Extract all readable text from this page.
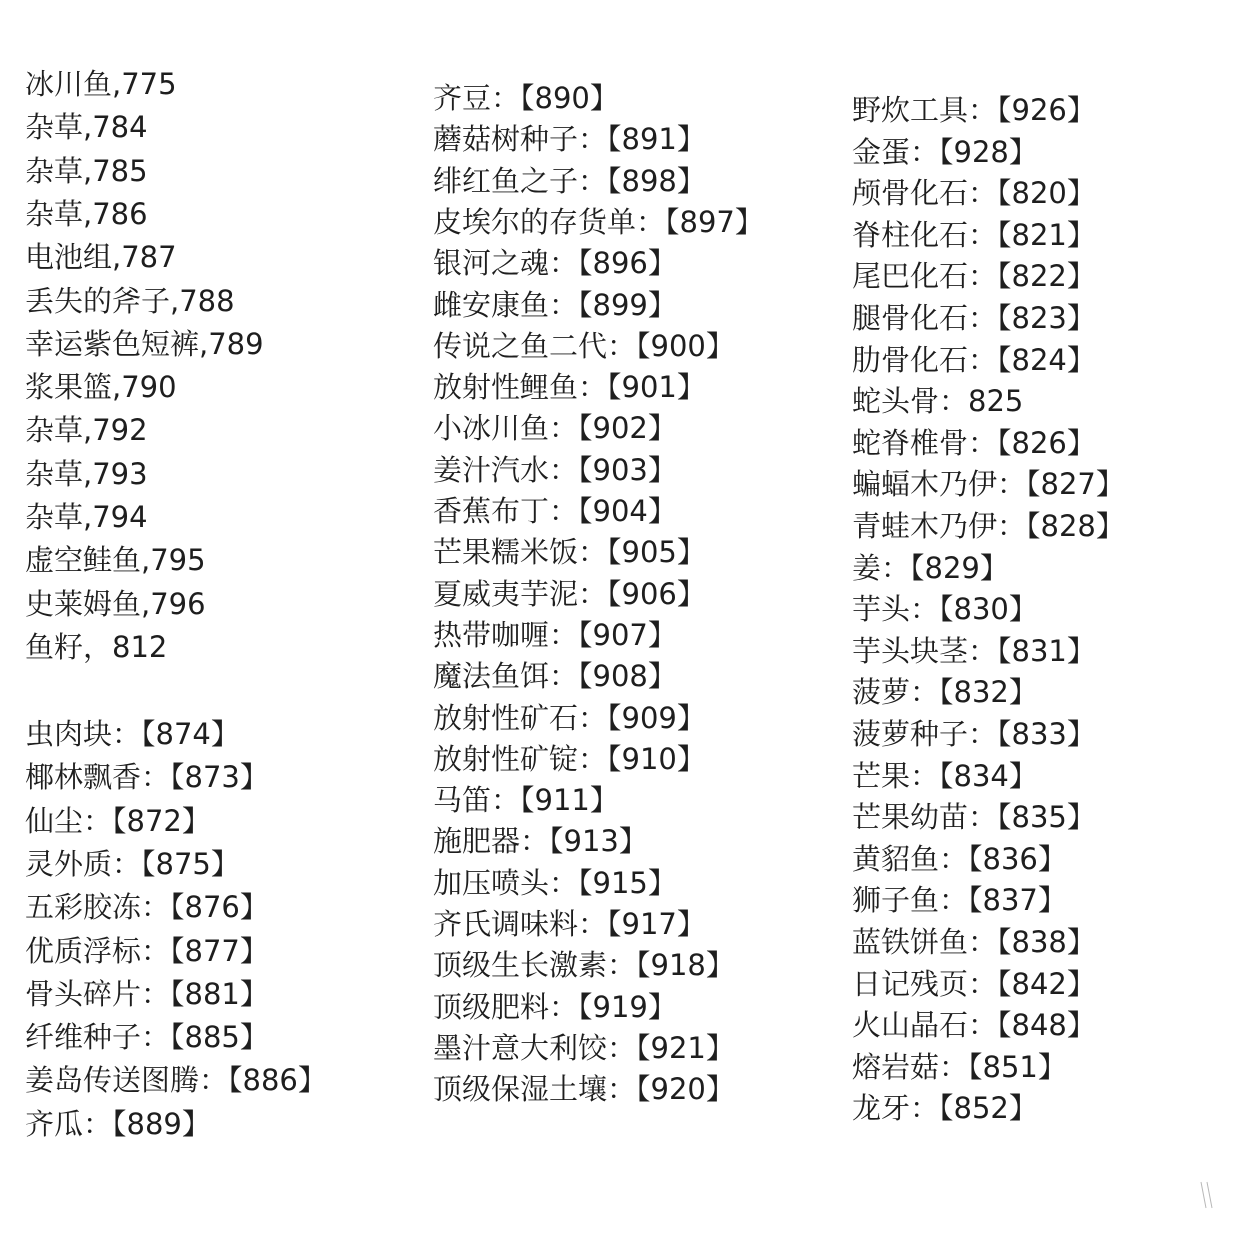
冰川鱼,775
杂草,784
杂草,785
杂草,786
电池组,787
丢失的斧子,788
幸运紫色短裤,789
浆果篮,790
杂草,792
杂草,793
杂草,794
虚空鲑鱼,795
史莱姆鱼,796
鱼籽，812
虫肉块：【874】
椰林飘香：【873】
仙尘：【872】
灵外质：【875】
五彩胶冻：【876】
优质浮标：【877】
骨头碎片：【881】
纤维种子：【885】
姜岛传送图腾：【886】
齐瓜：【889】
齐豆：【890】
蘑菇树种子：【891】
绯红鱼之子：【898】
皮埃尔的存货单：【897】
银河之魂：【896】
雌安康鱼：【899】
传说之鱼二代：【900】
放射性鲤鱼：【901】
小冰川鱼：【902】
姜汁汽水：【903】
香蕉布丁：【904】
芒果糯米饭：【905】
夏威夷芋泥：【906】
热带咖喱：【907】
魔法鱼饵：【908】
放射性矿石：【909】
放射性矿锭：【910】
马笛：【911】
施肥器：【913】
加压喷头：【915】
齐氏调味料：【917】
顶级生长激素：【918】
顶级肥料：【919】
墨汁意大利饺：【921】
顶级保湿土壤：【920】
野炊工具：【926】
金蛋：【928】
颅骨化石：【820】
脊柱化石：【821】
尾巴化石：【822】
腿骨化石：【823】
肋骨化石：【824】
蛇头骨：825
蛇脊椎骨：【826】
蝙蝠木乃伊：【827】
青蛙木乃伊：【828】
姜：【829】
芋头：【830】
芋头块茎：【831】
菠萝：【832】
菠萝种子：【833】
芒果：【834】
芒果幼苗：【835】
黄貂鱼：【836】
狮子鱼：【837】
蓝铁饼鱼：【838】
日记残页：【842】
火山晶石：【848】
熔岩菇：【851】
龙牙：【852】
